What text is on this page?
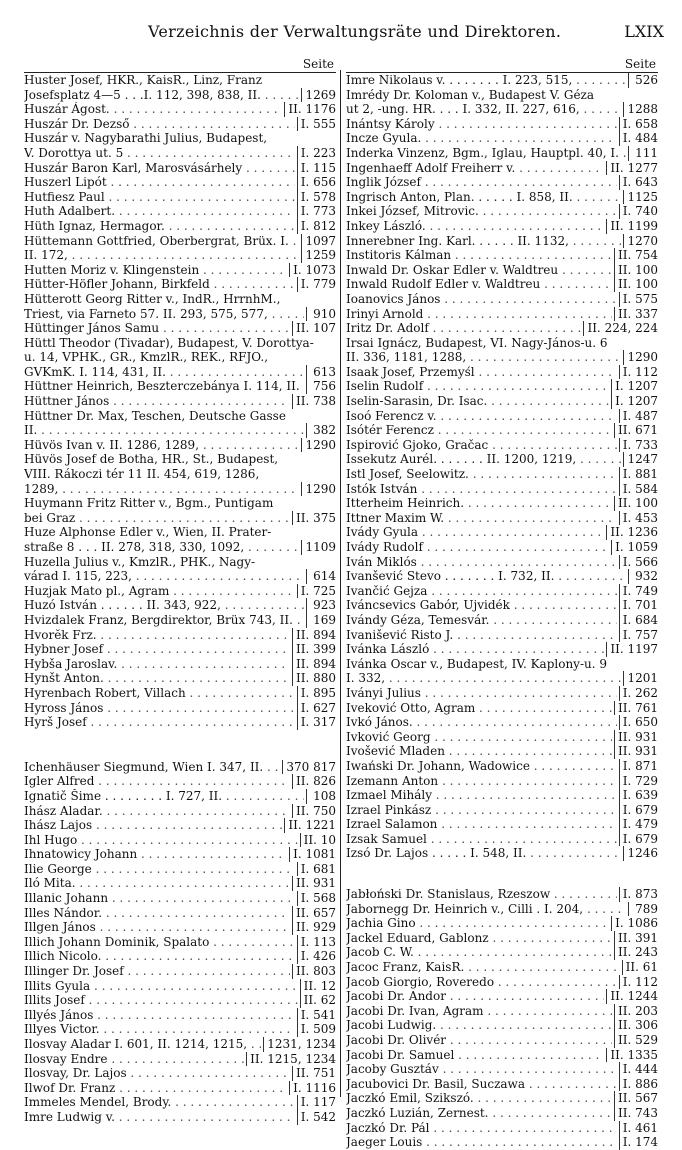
Verzeichnis der Verwaltungsräte und Direktoren.	LXIX
Seite
Huster Josef, HKR., KaisR., Linz, Franz
Josefsplatz 4—5 . . .I. 112, 398, 838, II. . . .	1269
Huszár Ágost. . . .	II. 1176
Huszár Dr. Dezső . . .	I. 555
Huszár v. Nagybarathi Julius, Budapest,
V. Dorottya ut. 5 . . .	I. 223
Huszár Baron Karl, Marosvásárhely . . .	I. 115
Huszerl Lipót . . .	I. 656
Hutfiesz Paul . . .	I. 578
Huth Adalbert. . . .	I. 773
Hüth Ignaz, Hermagor. . . .	I. 812
Hüttemann Gottfried, Oberbergrat, Brüx. I. . . .	1097
II. 172, . . .	1259
Hutten Moriz v. Klingenstein . . .	I. 1073
Hütter-Höfler Johann, Birkfeld . . .	I. 779
Hütterott Georg Ritter v., IndR., HrrnhM.,
Triest, via Farneto 57. II. 293, 575, 577, . . .	910
Hüttinger János Samu . . .	II. 107
Hüttl Theodor (Tivadar), Budapest, V. Dorottya-
u. 14, VPHK., GR., KmzlR., REK., RFJO.,
GVKmK. I. 114, 431, II. . . .	613
Hüttner Heinrich, Beszterczebánya I. 114, II. . . .	756
Hüttner János . . .	II. 738
Hüttner Dr. Max, Teschen, Deutsche Gasse
II. . . .	382
Hüvös Ivan v. II. 1286, 1289, . . .	1290
Hüvös Josef de Botha, HR., St., Budapest,
VIII. Rákoczi tér 11 II. 454, 619, 1286,
1289, . . .	1290
Huymann Fritz Ritter v., Bgm., Puntigam
bei Graz . . .	II. 375
Huze Alphonse Edler v., Wien, II. Prater-
straße 8 . . . II. 278, 318, 330, 1092, . . .	1109
Huzella Julius v., KmzlR., PHK., Nagy-
várad I. 115, 223, . . .	614
Huzjak Mato pl., Agram . . .	I. 725
Huzó István . . . . . . II. 343, 922, . . .	923
Hvizdalek Franz, Bergdirektor, Brüx 743, II. . . .	169
Hvorĕk Frz. . . .	II. 894
Hybner Josef . . .	II. 399
Hybša Jaroslav. . . .	II. 894
Hynšt Anton. . . .	II. 880
Hyrenbach Robert, Villach . . .	I. 895
Hyross János . . .	I. 627
Hyrš Josef . . .	I. 317
Ichenhäuser Siegmund, Wien I. 347, II. . . .	370 817
Igler Alfred . . .	II. 826
Ignatič Šime . . . . . . . . I. 727, II. . . .	108
Ihász Aladar. . . .	II. 750
Ihász Lajos . . .	II. 1221
Ihl Hugo . . .	II. 10
Ihnatowicy Johann . . .	I. 1081
Ilie George . . .	I. 681
Iló Mita. . . .	II. 931
Illanic Johann . . .	I. 568
Illes Nándor. . . .	II. 657
Illgen János . . .	II. 929
Illich Johann Dominik, Spalato . . .	I. 113
Illich Nicolo. . . .	I. 426
Illinger Dr. Josef . . .	II. 803
Illits Gyula . . .	II. 12
Illits Josef . . .	II. 62
Illyés János . . .	I. 541
Illyes Victor. . . .	I. 509
Ilosvay Aladar I. 601, II. 1214, 1215, . . .	1231, 1234
Ilosvay Endre . . .	II. 1215, 1234
Ilosvay, Dr. Lajos . . .	II. 751
Ilwof Dr. Franz . . .	I. 1116
Immeles Mendel, Brody. . . .	I. 117
Imre Ludwig v. . . .	I. 542
Seite
Imre Nikolaus v. . . . . . . . I. 223, 515, . . .	526
Imrédy Dr. Koloman v., Budapest V. Géza
ut 2, -ung. HR. . . . I. 332, II. 227, 616, . . .	1288
Inántsy Károly . . .	I. 658
Incze Gyula. . . .	I. 484
Inderka Vinzenz, Bgm., Iglau, Hauptpl. 40, I. . . .	111
Ingenhaeff Adolf Freiherr v. . . .	II. 1277
Inglik József . . .	I. 643
Ingrisch Anton, Plan. . . . . . I. 858, II. . . .	1125
Inkei József, Mitrovic. . . .	I. 740
Inkey László. . . .	II. 1199
Innerebner Ing. Karl. . . . . . II. 1132, . . .	1270
Institoris Kálman . . .	II. 754
Inwald Dr. Oskar Edler v. Waldtreu . . .	II. 100
Inwald Rudolf Edler v. Waldtreu . . .	II. 100
Ioanovics János . . .	I. 575
Irinyi Arnold . . .	II. 337
Iritz Dr. Adolf . . .	II. 224, 224
Irsai Ignácz, Budapest, VI. Nagy-János-u. 6
II. 336, 1181, 1288, . . .	1290
Isaak Josef, Przemyśl . . .	I. 112
Iselin Rudolf . . .	I. 1207
Iselin-Sarasin, Dr. Isac. . . .	I. 1207
Isoó Ferencz v. . . .	I. 487
Isótér Ferencz . . .	II. 671
Ispirović Gjoko, Gračac . . .	I. 733
Issekutz Aurél. . . . . . . II. 1200, 1219, . . .	1247
Istl Josef, Seelowitz. . . .	I. 881
Istók István . . .	I. 584
Itterheim Heinrich. . . .	II. 100
Ittner Maxim W. . . .	I. 453
Ivády Gyula . . .	II. 1236
Ivády Rudolf . . .	I. 1059
Iván Miklós . . .	I. 566
Ivanšević Stevo . . . . . . . I. 732, II. . . .	932
Ivančić Gejza . . .	I. 749
Iváncsevics Gabór, Ujvidék . . .	I. 701
Ivándy Géza, Temesvár. . . .	I. 684
Ivanišević Risto J. . . .	I. 757
Ivánka László . . .	II. 1197
Ivánka Oscar v., Budapest, IV. Kaplony-u. 9
I. 332, . . .	1201
Iványi Julius . . .	I. 262
Iveković Otto, Agram . . .	II. 761
Ivkó János. . . .	I. 650
Ivković Georg . . .	II. 931
Ivošević Mladen . . .	II. 931
Iwański Dr. Johann, Wadowice . . .	I. 871
Izemann Anton . . .	I. 729
Izmael Mihály . . .	I. 639
Izrael Pinkász . . .	I. 679
Izrael Salamon . . .	I. 479
Izsak Samuel . . .	I. 679
Izsó Dr. Lajos . . . . . I. 548, II. . . .	1246
Jabłoński Dr. Stanislaus, Rzeszow . . .	I. 873
Jabornegg Dr. Heinrich v., Cilli . I. 204, . . .	789
Jachia Gino . . .	I. 1086
Jackel Eduard, Gablonz . . .	II. 391
Jacob C. W. . . .	II. 243
Jacoc Franz, KaisR. . . .	II. 61
Jacob Giorgio, Roveredo . . .	I. 112
Jacobi Dr. Andor . . .	II. 1244
Jacobi Dr. Ivan, Agram . . .	II. 203
Jacobi Ludwig. . . .	II. 306
Jacobi Dr. Olivér . . .	II. 529
Jacobi Dr. Samuel . . .	II. 1335
Jacoby Gusztáv . . .	I. 444
Jacubovici Dr. Basil, Suczawa . . .	I. 886
Jaczkó Emil, Szikszó. . . .	II. 567
Jaczkó Luzián, Zernest. . . .	II. 743
Jaczkó Dr. Pál . . .	I. 461
Jaeger Louis . . .	I. 174
